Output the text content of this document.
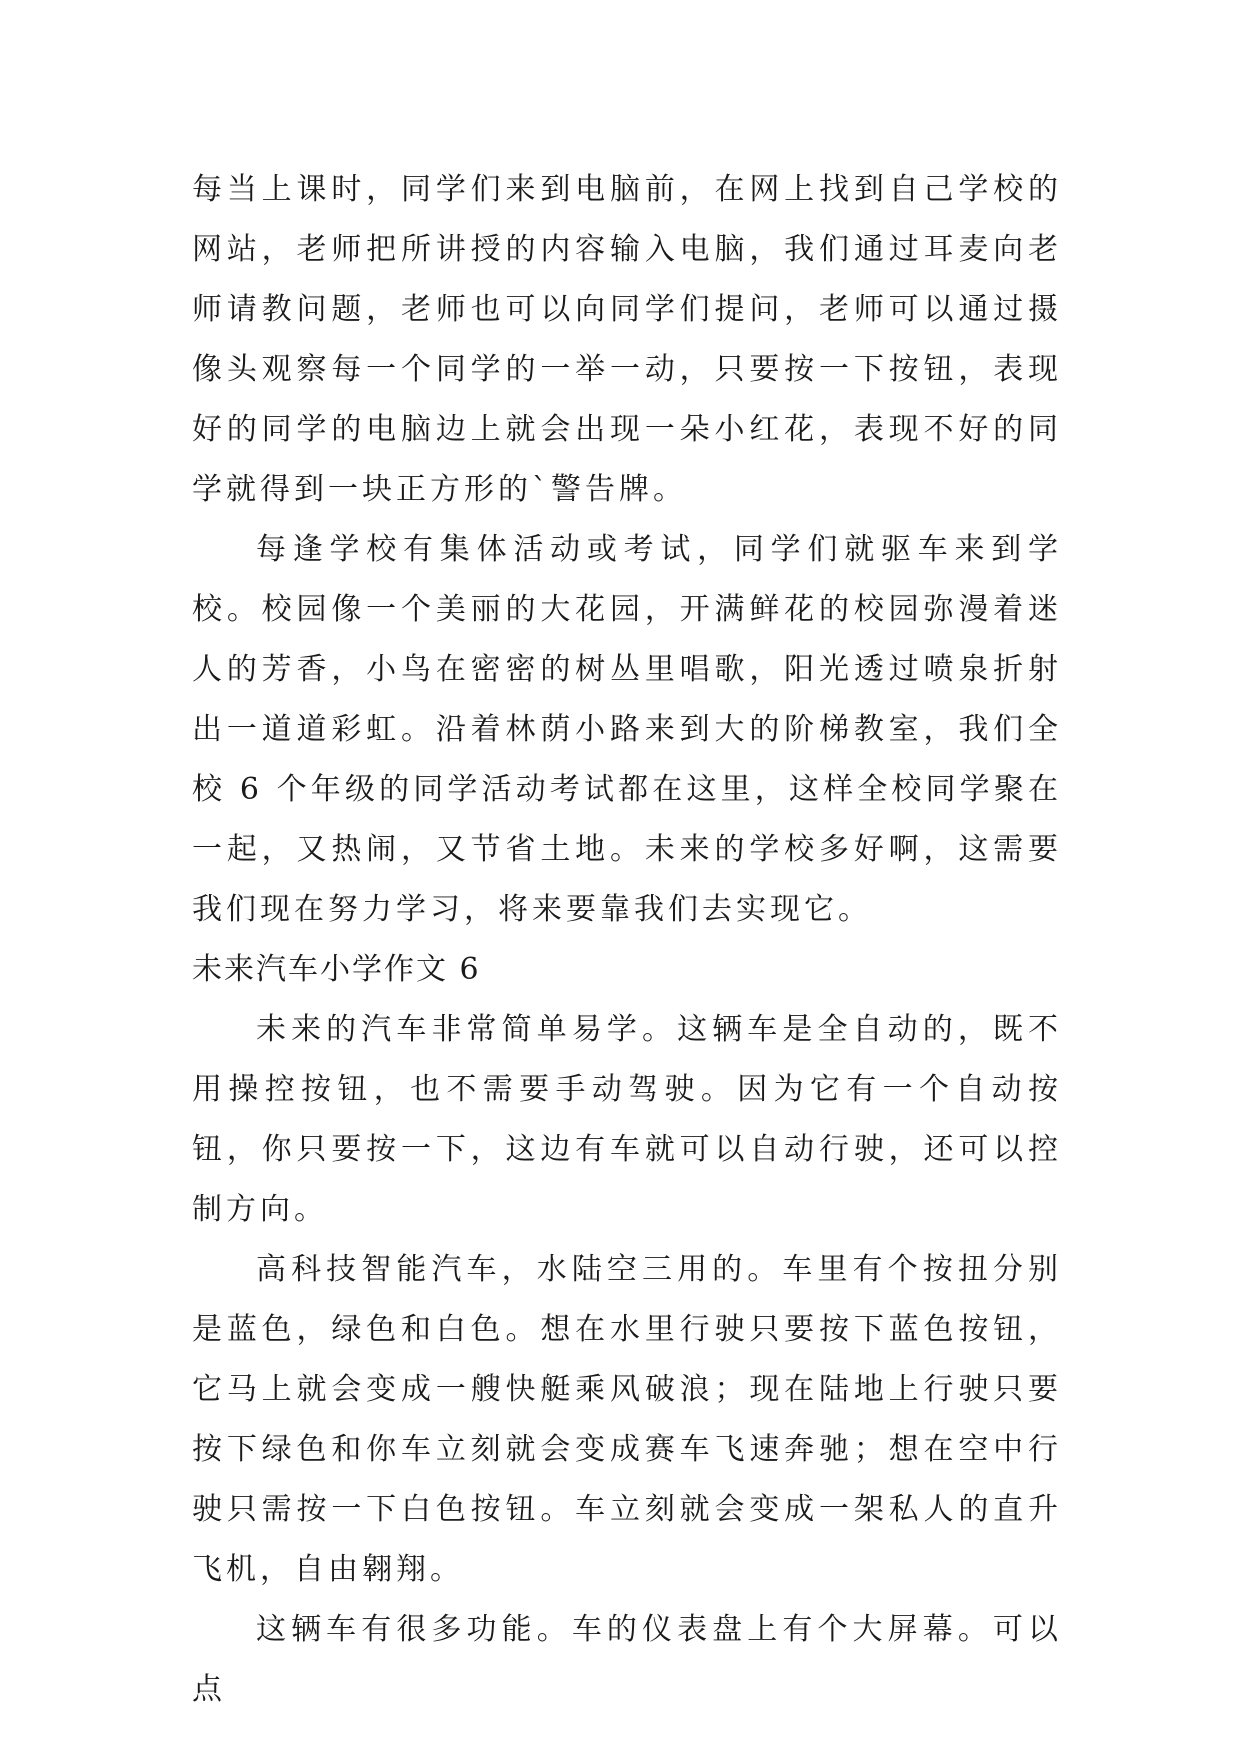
每当上课时，同学们来到电脑前，在网上找到自己学校的网站，老师把所讲授的内容输入电脑，我们通过耳麦向老师请教问题，老师也可以向同学们提问，老师可以通过摄像头观察每一个同学的一举一动，只要按一下按钮，表现好的同学的电脑边上就会出现一朵小红花，表现不好的同学就得到一块正方形的`警告牌。

每逢学校有集体活动或考试，同学们就驱车来到学校。校园像一个美丽的大花园，开满鲜花的校园弥漫着迷人的芳香，小鸟在密密的树丛里唱歌，阳光透过喷泉折射出一道道彩虹。沿着林荫小路来到大的阶梯教室，我们全校 6 个年级的同学活动考试都在这里，这样全校同学聚在一起，又热闹，又节省土地。未来的学校多好啊，这需要我们现在努力学习，将来要靠我们去实现它。

未来汽车小学作文 6

未来的汽车非常简单易学。这辆车是全自动的，既不用操控按钮，也不需要手动驾驶。因为它有一个自动按钮，你只要按一下，这边有车就可以自动行驶，还可以控制方向。

高科技智能汽车，水陆空三用的。车里有个按扭分别是蓝色，绿色和白色。想在水里行驶只要按下蓝色按钮，它马上就会变成一艘快艇乘风破浪；现在陆地上行驶只要按下绿色和你车立刻就会变成赛车飞速奔驰；想在空中行驶只需按一下白色按钮。车立刻就会变成一架私人的直升飞机，自由翱翔。

这辆车有很多功能。车的仪表盘上有个大屏幕。可以点
